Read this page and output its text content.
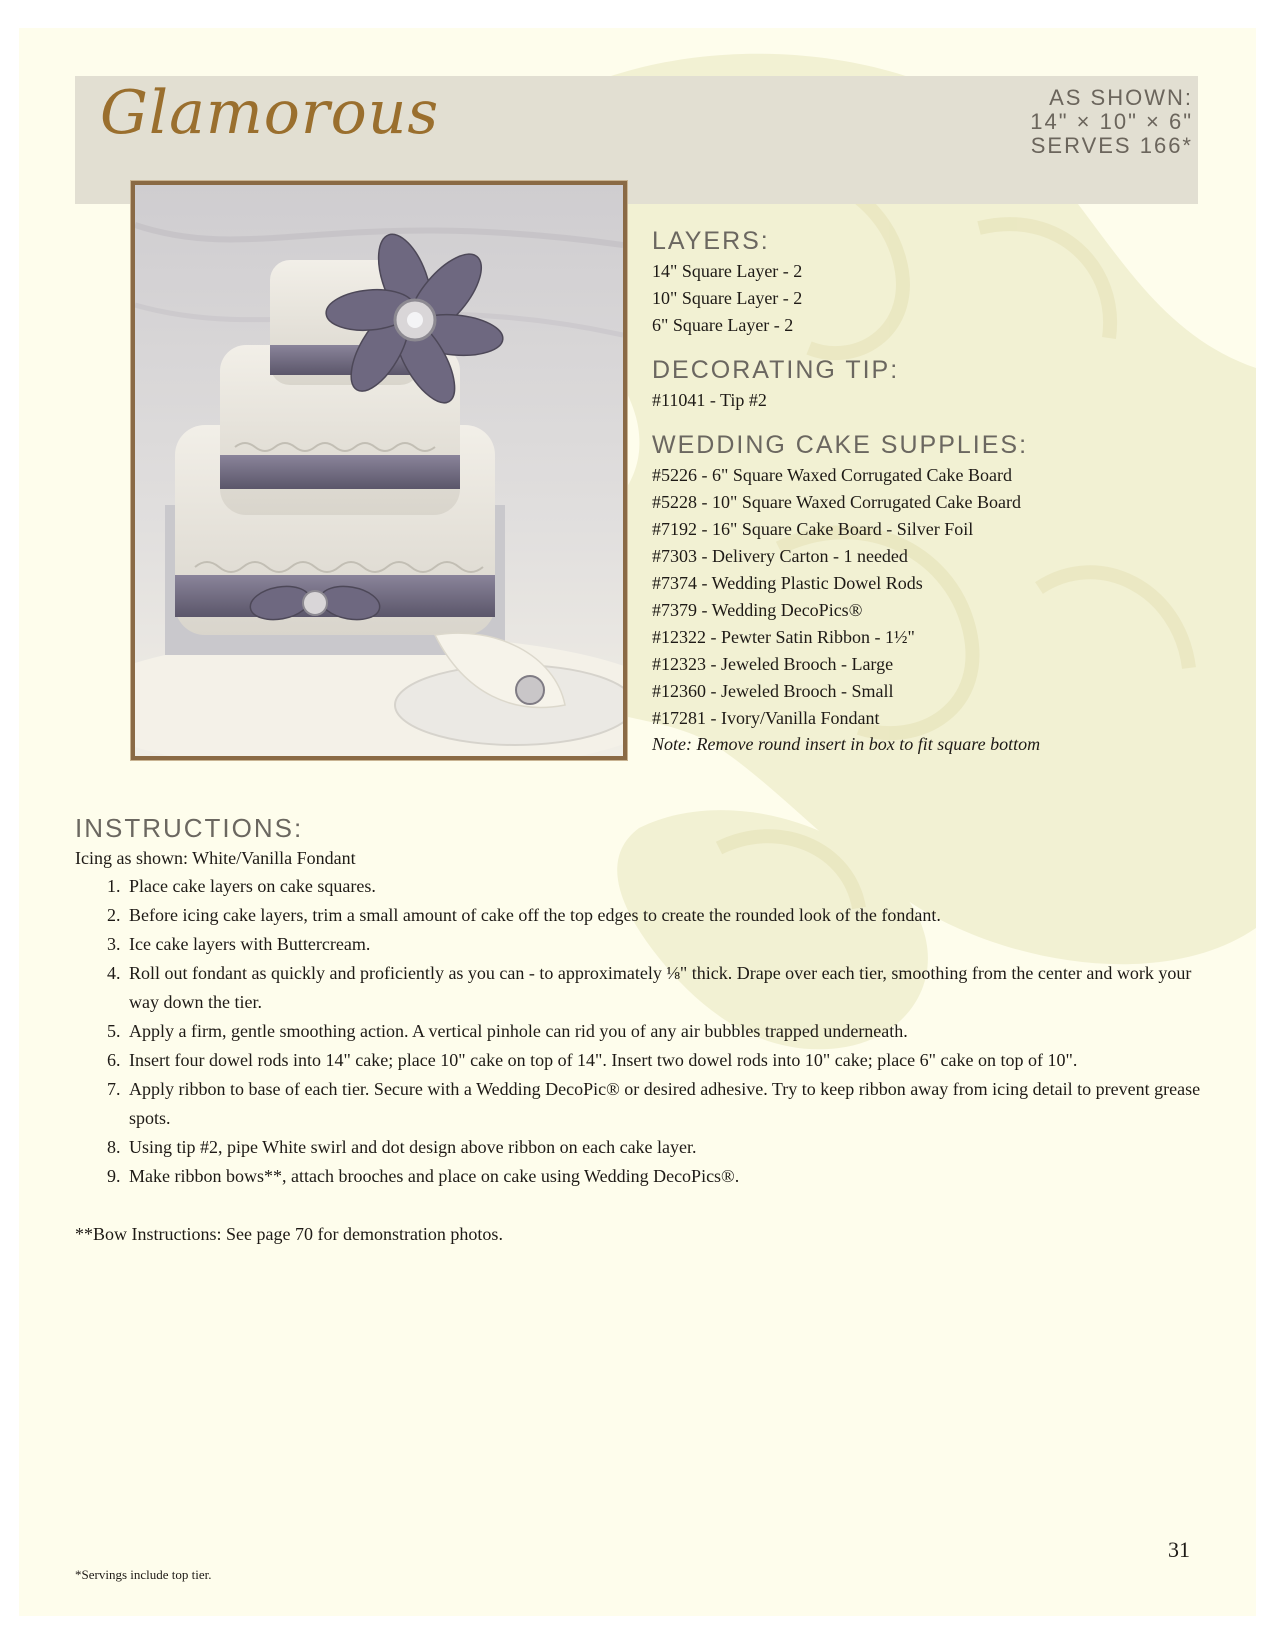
Glamorous	AS SHOWN:
14" × 10" × 6"
SERVES 166*
LAYERS:
14" Square Layer - 2
10" Square Layer - 2
6" Square Layer - 2
DECORATING TIP:
#11041 - Tip #2
WEDDING CAKE SUPPLIES:
#5226 - 6" Square Waxed Corrugated Cake Board
#5228 - 10" Square Waxed Corrugated Cake Board
#7192 - 16" Square Cake Board - Silver Foil
#7303 - Delivery Carton - 1 needed
#7374 - Wedding Plastic Dowel Rods
#7379 - Wedding DecoPics®
#12322 - Pewter Satin Ribbon - 1½"
#12323 - Jeweled Brooch - Large
#12360 - Jeweled Brooch - Small
#17281 - Ivory/Vanilla Fondant
Note: Remove round insert in box to fit square bottom
INSTRUCTIONS:
Icing as shown: White/Vanilla Fondant
1. Place cake layers on cake squares.
2. Before icing cake layers, trim a small amount of cake off the top edges to create the rounded look of the fondant.
3. Ice cake layers with Buttercream.
4. Roll out fondant as quickly and proficiently as you can - to approximately ⅛" thick. Drape over each tier, smoothing from the center and work your way down the tier.
5. Apply a firm, gentle smoothing action. A vertical pinhole can rid you of any air bubbles trapped underneath.
6. Insert four dowel rods into 14" cake; place 10" cake on top of 14". Insert two dowel rods into 10" cake; place 6" cake on top of 10".
7. Apply ribbon to base of each tier. Secure with a Wedding DecoPic® or desired adhesive. Try to keep ribbon away from icing detail to prevent grease spots.
8. Using tip #2, pipe White swirl and dot design above ribbon on each cake layer.
9. Make ribbon bows**, attach brooches and place on cake using Wedding DecoPics®.
**Bow Instructions: See page 70 for demonstration photos.
31
*Servings include top tier.
